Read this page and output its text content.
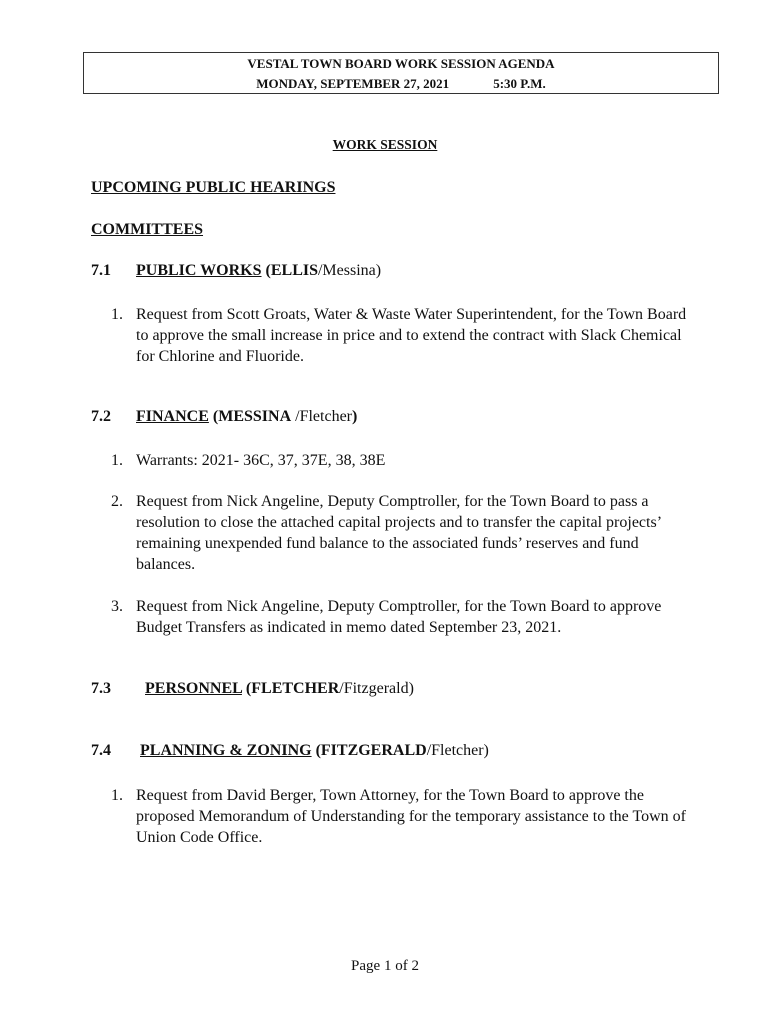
VESTAL TOWN BOARD WORK SESSION AGENDA
MONDAY, SEPTEMBER 27, 2021	5:30 P.M.
WORK SESSION
UPCOMING PUBLIC HEARINGS
COMMITTEES
7.1 PUBLIC WORKS (ELLIS/Messina)
1. Request from Scott Groats, Water & Waste Water Superintendent, for the Town Board to approve the small increase in price and to extend the contract with Slack Chemical for Chlorine and Fluoride.
7.2 FINANCE (MESSINA /Fletcher)
1. Warrants: 2021- 36C, 37, 37E, 38, 38E
2. Request from Nick Angeline, Deputy Comptroller, for the Town Board to pass a resolution to close the attached capital projects and to transfer the capital projects’ remaining unexpended fund balance to the associated funds’ reserves and fund balances.
3. Request from Nick Angeline, Deputy Comptroller, for the Town Board to approve Budget Transfers as indicated in memo dated September 23, 2021.
7.3 PERSONNEL (FLETCHER/Fitzgerald)
7.4 PLANNING & ZONING (FITZGERALD/Fletcher)
1. Request from David Berger, Town Attorney, for the Town Board to approve the proposed Memorandum of Understanding for the temporary assistance to the Town of Union Code Office.
Page 1 of 2
